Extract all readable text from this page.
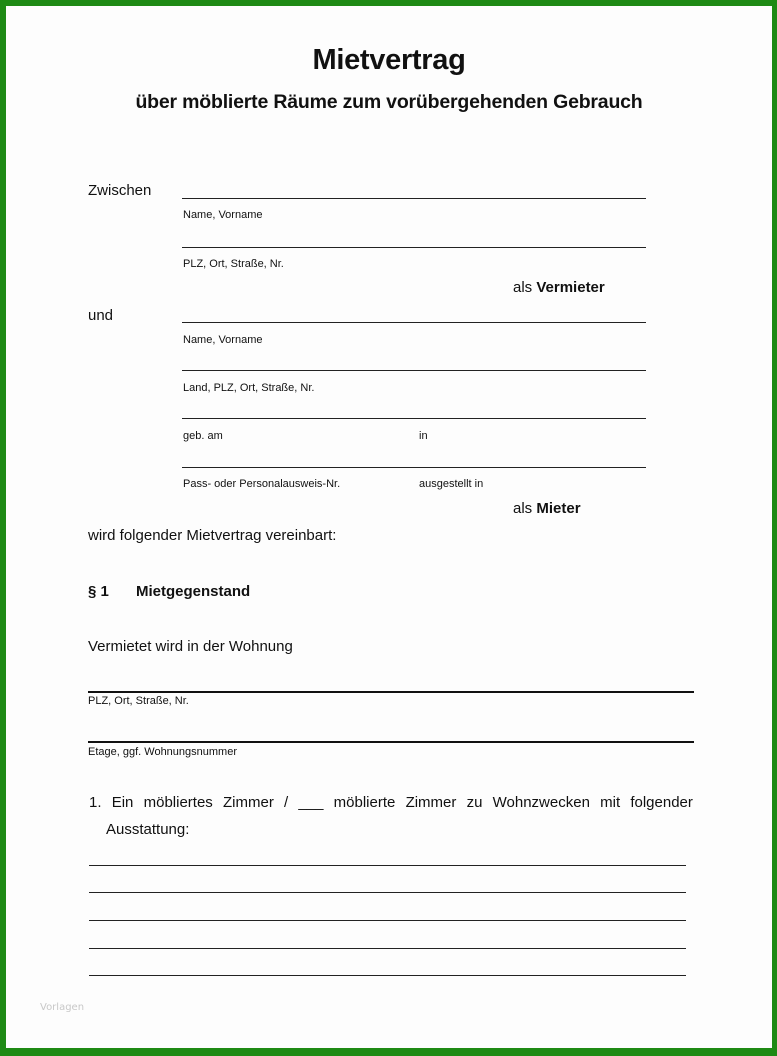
Mietvertrag
über möblierte Räume zum vorübergehenden Gebrauch
Zwischen
Name, Vorname
PLZ, Ort, Straße, Nr.
als Vermieter
und
Name, Vorname
Land, PLZ, Ort, Straße, Nr.
geb. am	in
Pass- oder Personalausweis-Nr.	ausgestellt in
als Mieter
wird folgender Mietvertrag vereinbart:
§ 1 Mietgegenstand
Vermietet wird in der Wohnung
PLZ, Ort, Straße, Nr.
Etage, ggf. Wohnungsnummer
1. Ein möbliertes Zimmer / ___ möblierte Zimmer zu Wohnzwecken mit folgender
Ausstattung:
Vorlagen
